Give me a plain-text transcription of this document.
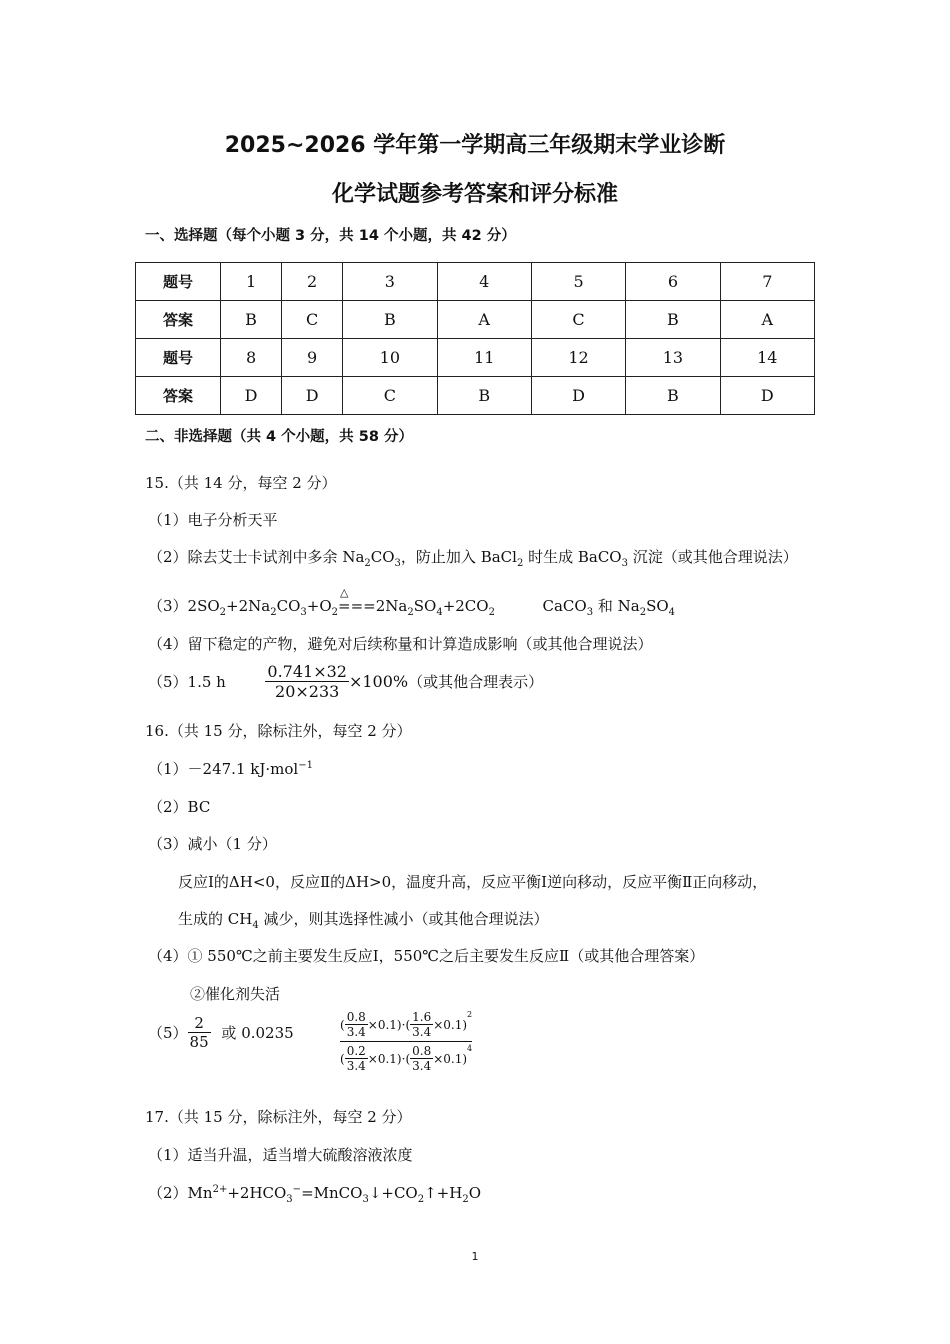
2025~2026 学年第一学期高三年级期末学业诊断
化学试题参考答案和评分标准
一、选择题（每个小题 3 分，共 14 个小题，共 42 分）
题号	1	2	3	4	5	6	7
答案	B	C	B	A	C	B	A
题号	8	9	10	11	12	13	14
答案	D	D	C	B	D	B	D
二、非选择题（共 4 个小题，共 58 分）
15.（共 14 分，每空 2 分）
（1）电子分析天平
（2）除去艾士卡试剂中多余 $Na_2CO_3$，防止加入 BaCl$_2$ 时生成 BaCO$_3$ 沉淀（或其他合理说法）
$(3)2SO_2+2Na_2CO_3+O_2$
△
$===2Na_2SO_4+2CO_2$	CaCO$_3$ 和 $Na_2SO_4$
（4）留下稳定的产物，避免对后续称量和计算造成影响（或其他合理说法）
（5）1.5 h $\frac{0.741\times 32}{20\times 233} \times 100\%$（或其他合理表示）
16.（共 15 分，除标注外，每空 2 分）
（1）－247.1 kJ·mol$^{-1}$
（2）BC
（3）减小（1 分）
反应Ⅰ的ΔH<0，反应Ⅱ的ΔH>0，温度升高，反应平衡Ⅰ逆向移动，反应平衡Ⅱ正向移动，
生成的 $CH_4$ 减少，则其选择性减小（或其他合理说法）
（4）① 550℃之前主要发生反应Ⅰ，550℃之后主要发生反应Ⅱ（或其他合理答案）
②催化剂失活
$(5) \frac{2}{85}$ 或 0.0235	$\frac{( \frac{0.8}{3.4} \times 0.1)\cdot( \frac{1.6}{3.4} \times 0.1)^2}{( \frac{0.2}{3.4} \times 0.1)\cdot( \frac{0.8}{3.4} \times 0.1)^4}$
17.（共 15 分，除标注外，每空 2 分）
（1）适当升温，适当增大硫酸溶液浓度
$(2)Mn^{2+}+2HCO_3^-=MnCO_3↓+CO_2↑+H_2O$
1
